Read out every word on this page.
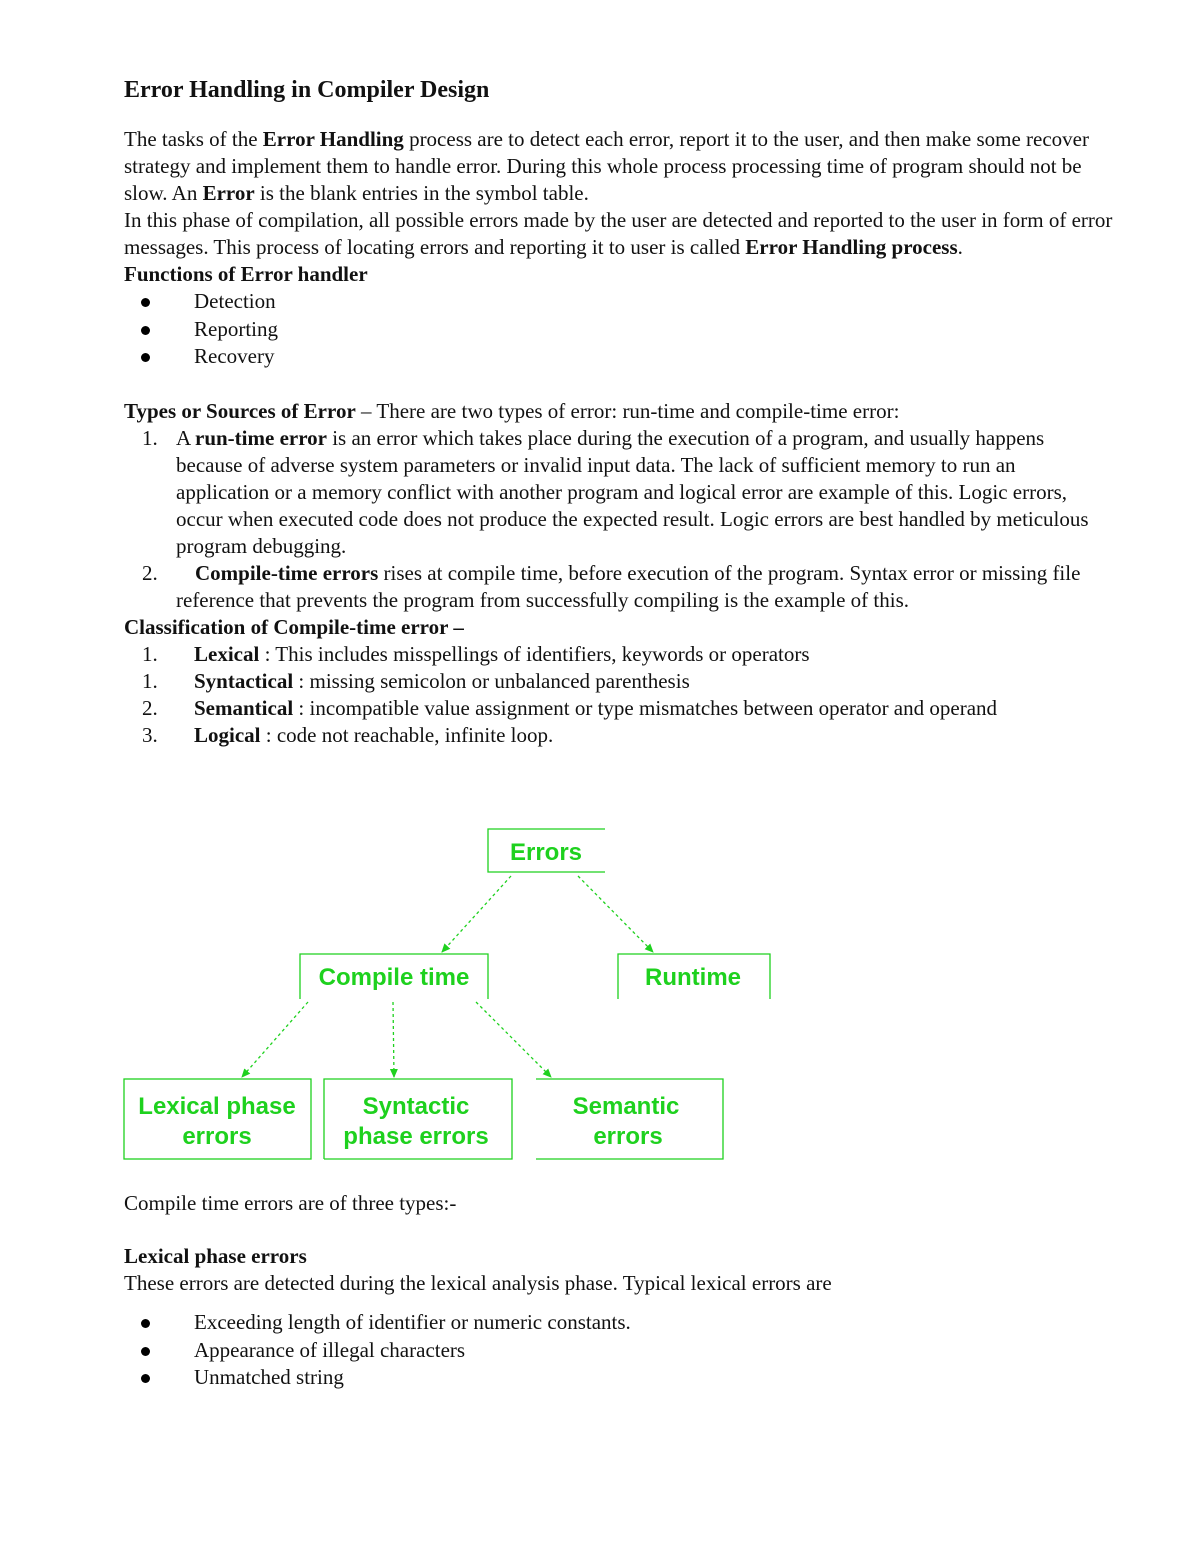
Error Handling in Compiler Design

The tasks of the Error Handling process are to detect each error, report it to the user, and then make some recover strategy and implement them to handle error. During this whole process processing time of program should not be slow. An Error is the blank entries in the symbol table.

In this phase of compilation, all possible errors made by the user are detected and reported to the user in form of error messages. This process of locating errors and reporting it to user is called Error Handling process.

Functions of Error handler
Detection
Reporting
Recovery

Types or Sources of Error – There are two types of error: run-time and compile-time error:

1. Arun-time error is an error which takes place during the execution of a program, and usually happens because of adverse system parameters or invalid input data. The lack of sufficient memory to run an application or a memory conflict with another program and logical error are example of this. Logic errors, occur when executed code does not produce the expected result. Logic errors are best handled by meticulous program debugging.
2. Compile-time errors rises at compile time, before execution of the program. Syntax error or missing file reference that prevents the program from successfully compiling is the example of this.
Classification of Compile-time error –
1. Lexical : This includes misspellings of identifiers, keywords or operators
1. Syntactical : missing semicolon or unbalanced parenthesis
2. Semantical : incompatible value assignment or type mismatches between operator and operand
3. Logical : code not reachable, infinite loop.
Errors
Compile time	Runtime
Lexical phase
errors
Syntactic
phase errors
Semantic
errors

Compile time errors are of three types:-

Lexical phase errors

These errors are detected during the lexical analysis phase. Typical lexical errors are

Exceeding length of identifier or numeric constants.
Appearance of illegal characters
Unmatched string
